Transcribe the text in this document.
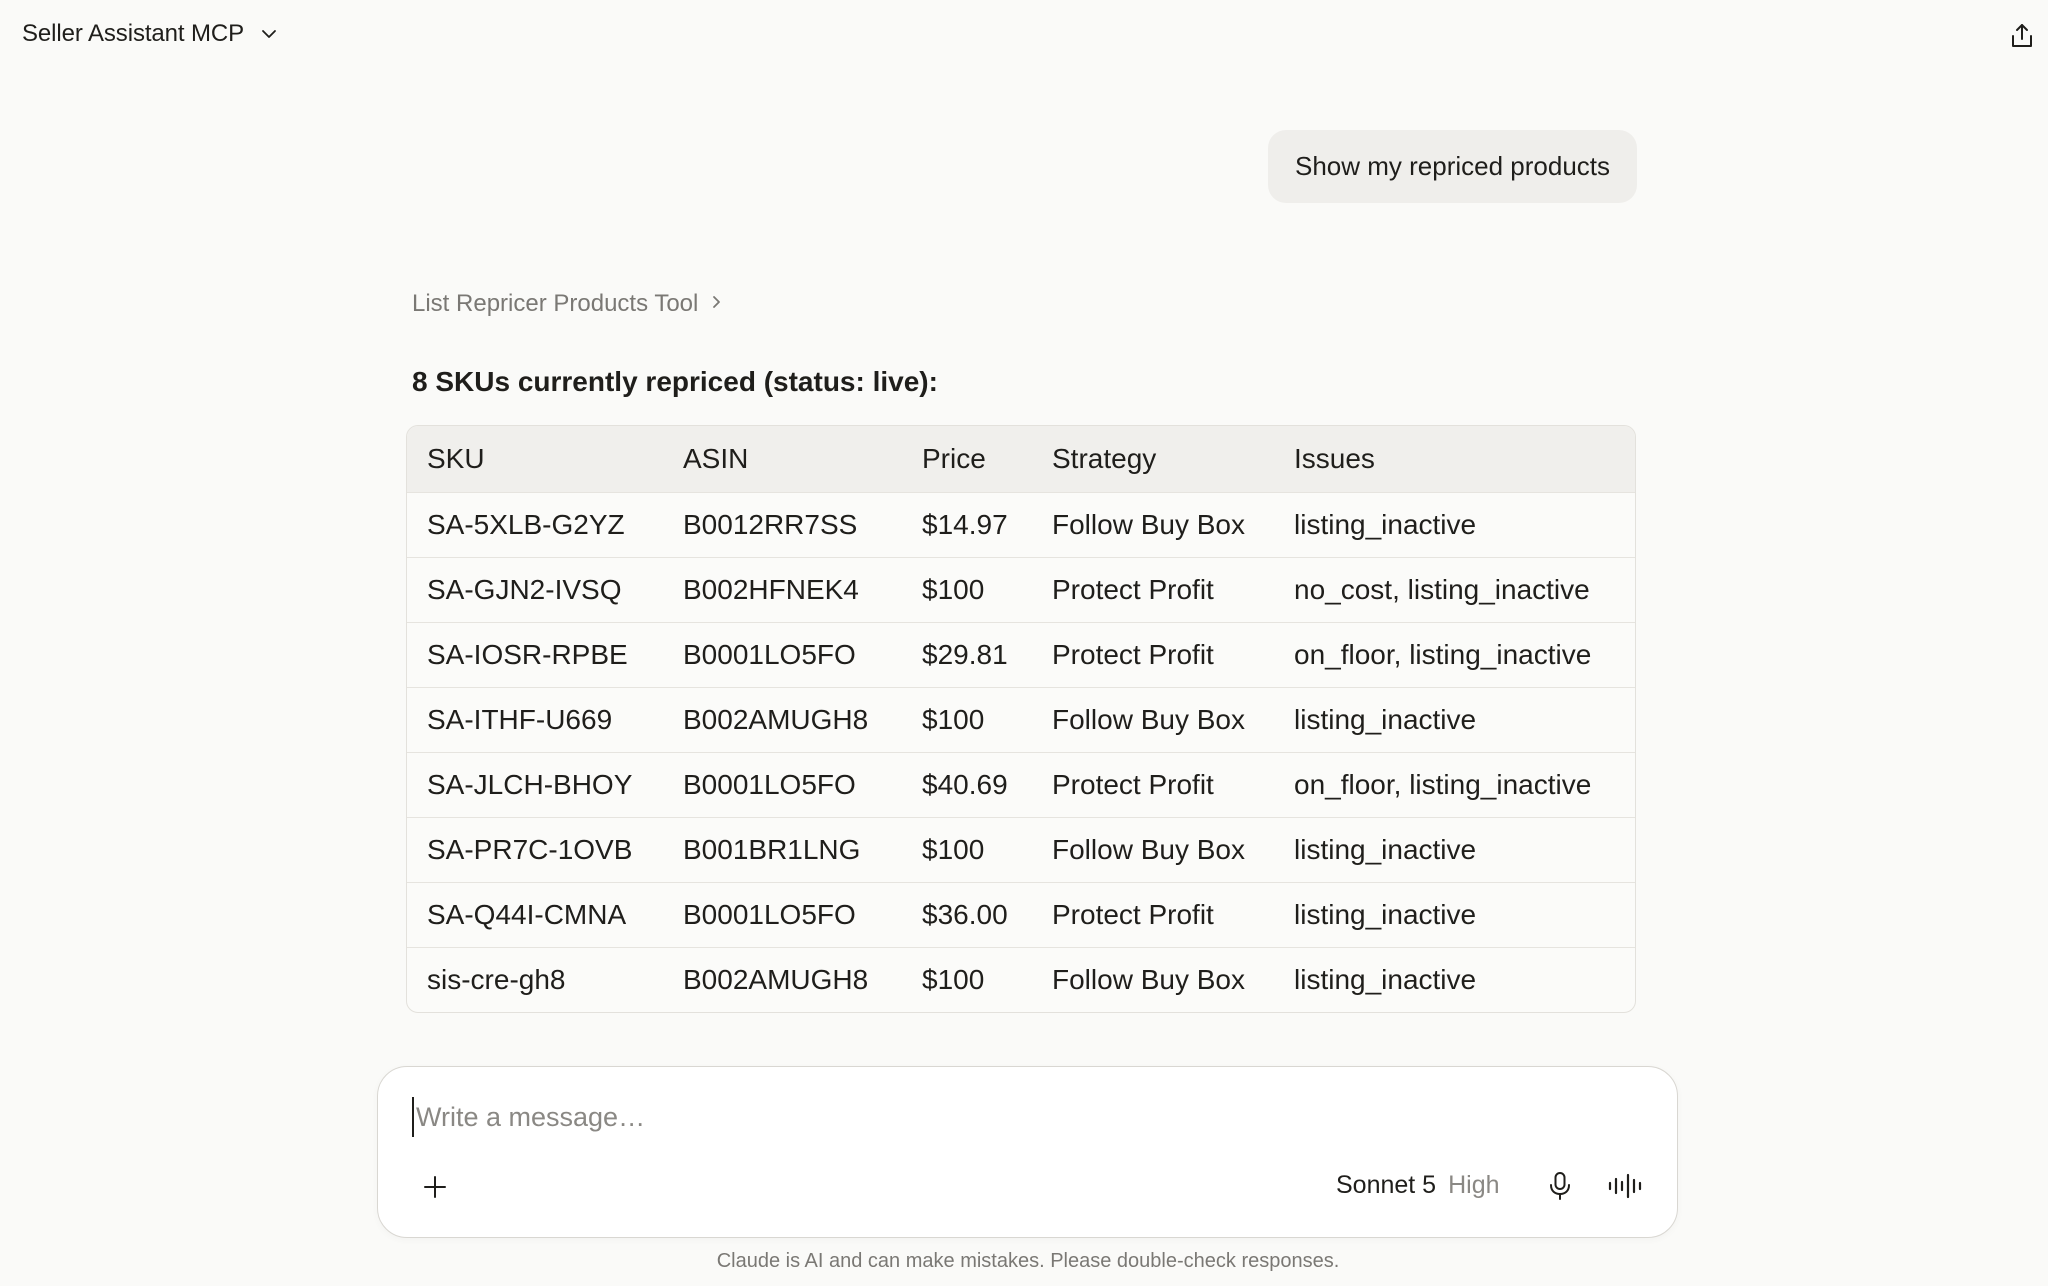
Seller Assistant MCP
Show my repriced products
List Repricer Products Tool
8 SKUs currently repriced (status: live):
SKU	ASIN	Price	Strategy	Issues
SA-5XLB-G2YZ	B0012RR7SS	$14.97	Follow Buy Box	listing_inactive
SA-GJN2-IVSQ	B002HFNEK4	$100	Protect Profit	no_cost, listing_inactive
SA-IOSR-RPBE	B0001LO5FO	$29.81	Protect Profit	on_floor, listing_inactive
SA-ITHF-U669	B002AMUGH8	$100	Follow Buy Box	listing_inactive
SA-JLCH-BHOY	B0001LO5FO	$40.69	Protect Profit	on_floor, listing_inactive
SA-PR7C-1OVB	B001BR1LNG	$100	Follow Buy Box	listing_inactive
SA-Q44I-CMNA	B0001LO5FO	$36.00	Protect Profit	listing_inactive
sis-cre-gh8	B002AMUGH8	$100	Follow Buy Box	listing_inactive
Write a message…
Sonnet 5 High
Claude is AI and can make mistakes. Please double-check responses.
